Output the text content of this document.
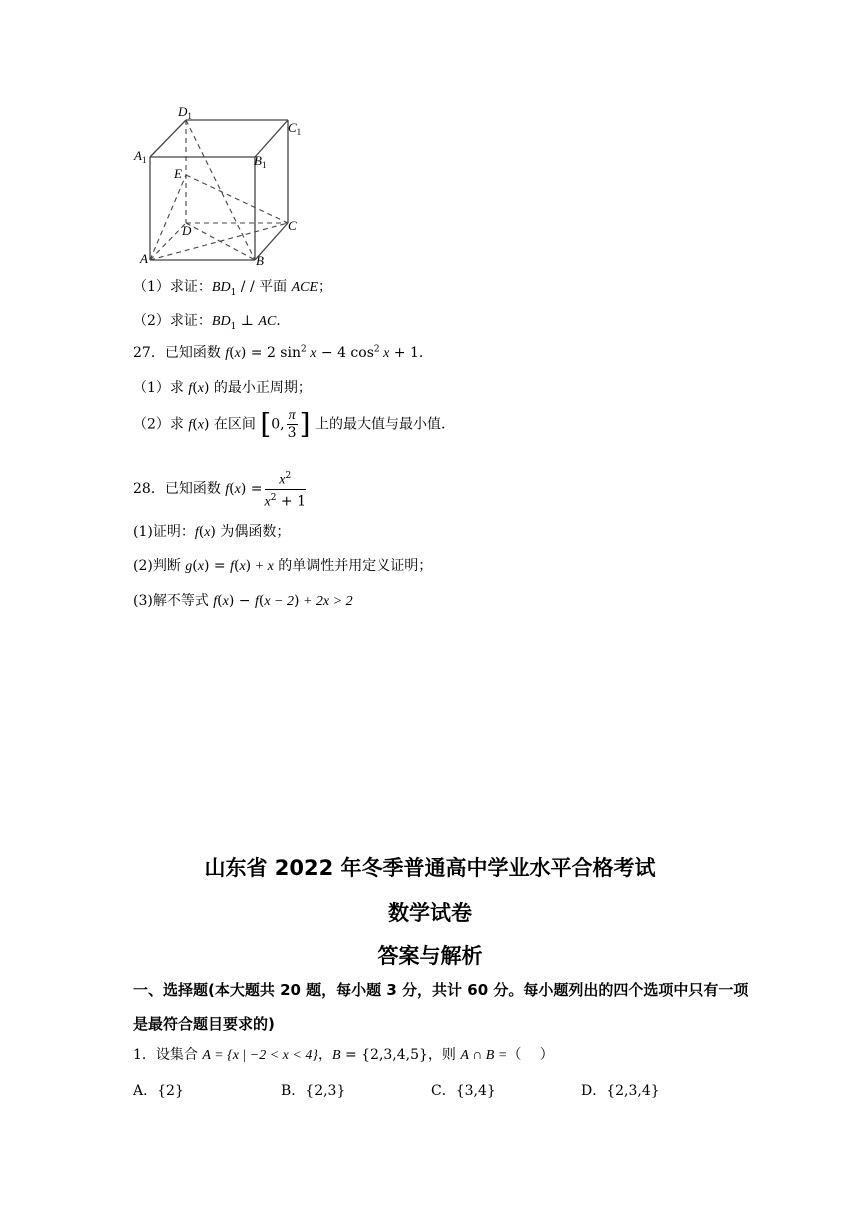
$D_1$
$C_1$
$A_1$	$B_1$
E
D	C
A	B
（1）求证：$BD_1$ / / 平面 ACE；
（2）求证：$BD_1$ ⊥ AC.
27．已知函数 f(x) = 2 $\sin^2 x - 4$ $\cos^2 x + 1$.
（1）求 f(x) 的最小正周期；
（2）求 f(x) 在区间 [0, $\frac{\pi}{3}$ ] 上的最大值与最小值.
28．已知函数 $f(x) = \frac{x^2}{x^2 + 1}$
(1)证明：f(x) 为偶函数；
(2)判断 g(x) = f(x) + x 的单调性并用定义证明；
(3)解不等式 f(x) − f(x − 2) + 2x > 2
山东省 2022 年冬季普通高中学业水平合格考试
数学试卷
答案与解析
一、选择题(本大题共 20 题，每小题 3 分，共计 60 分。每小题列出的四个选项中只有一项
是最符合题目要求的)
1．设集合 A = {x | −2 < x < 4}，B = {2,3,4,5}，则 A ∩ B =（　 ）
A．{2}	B．{2,3}	C．{3,4}	D．{2,3,4}
